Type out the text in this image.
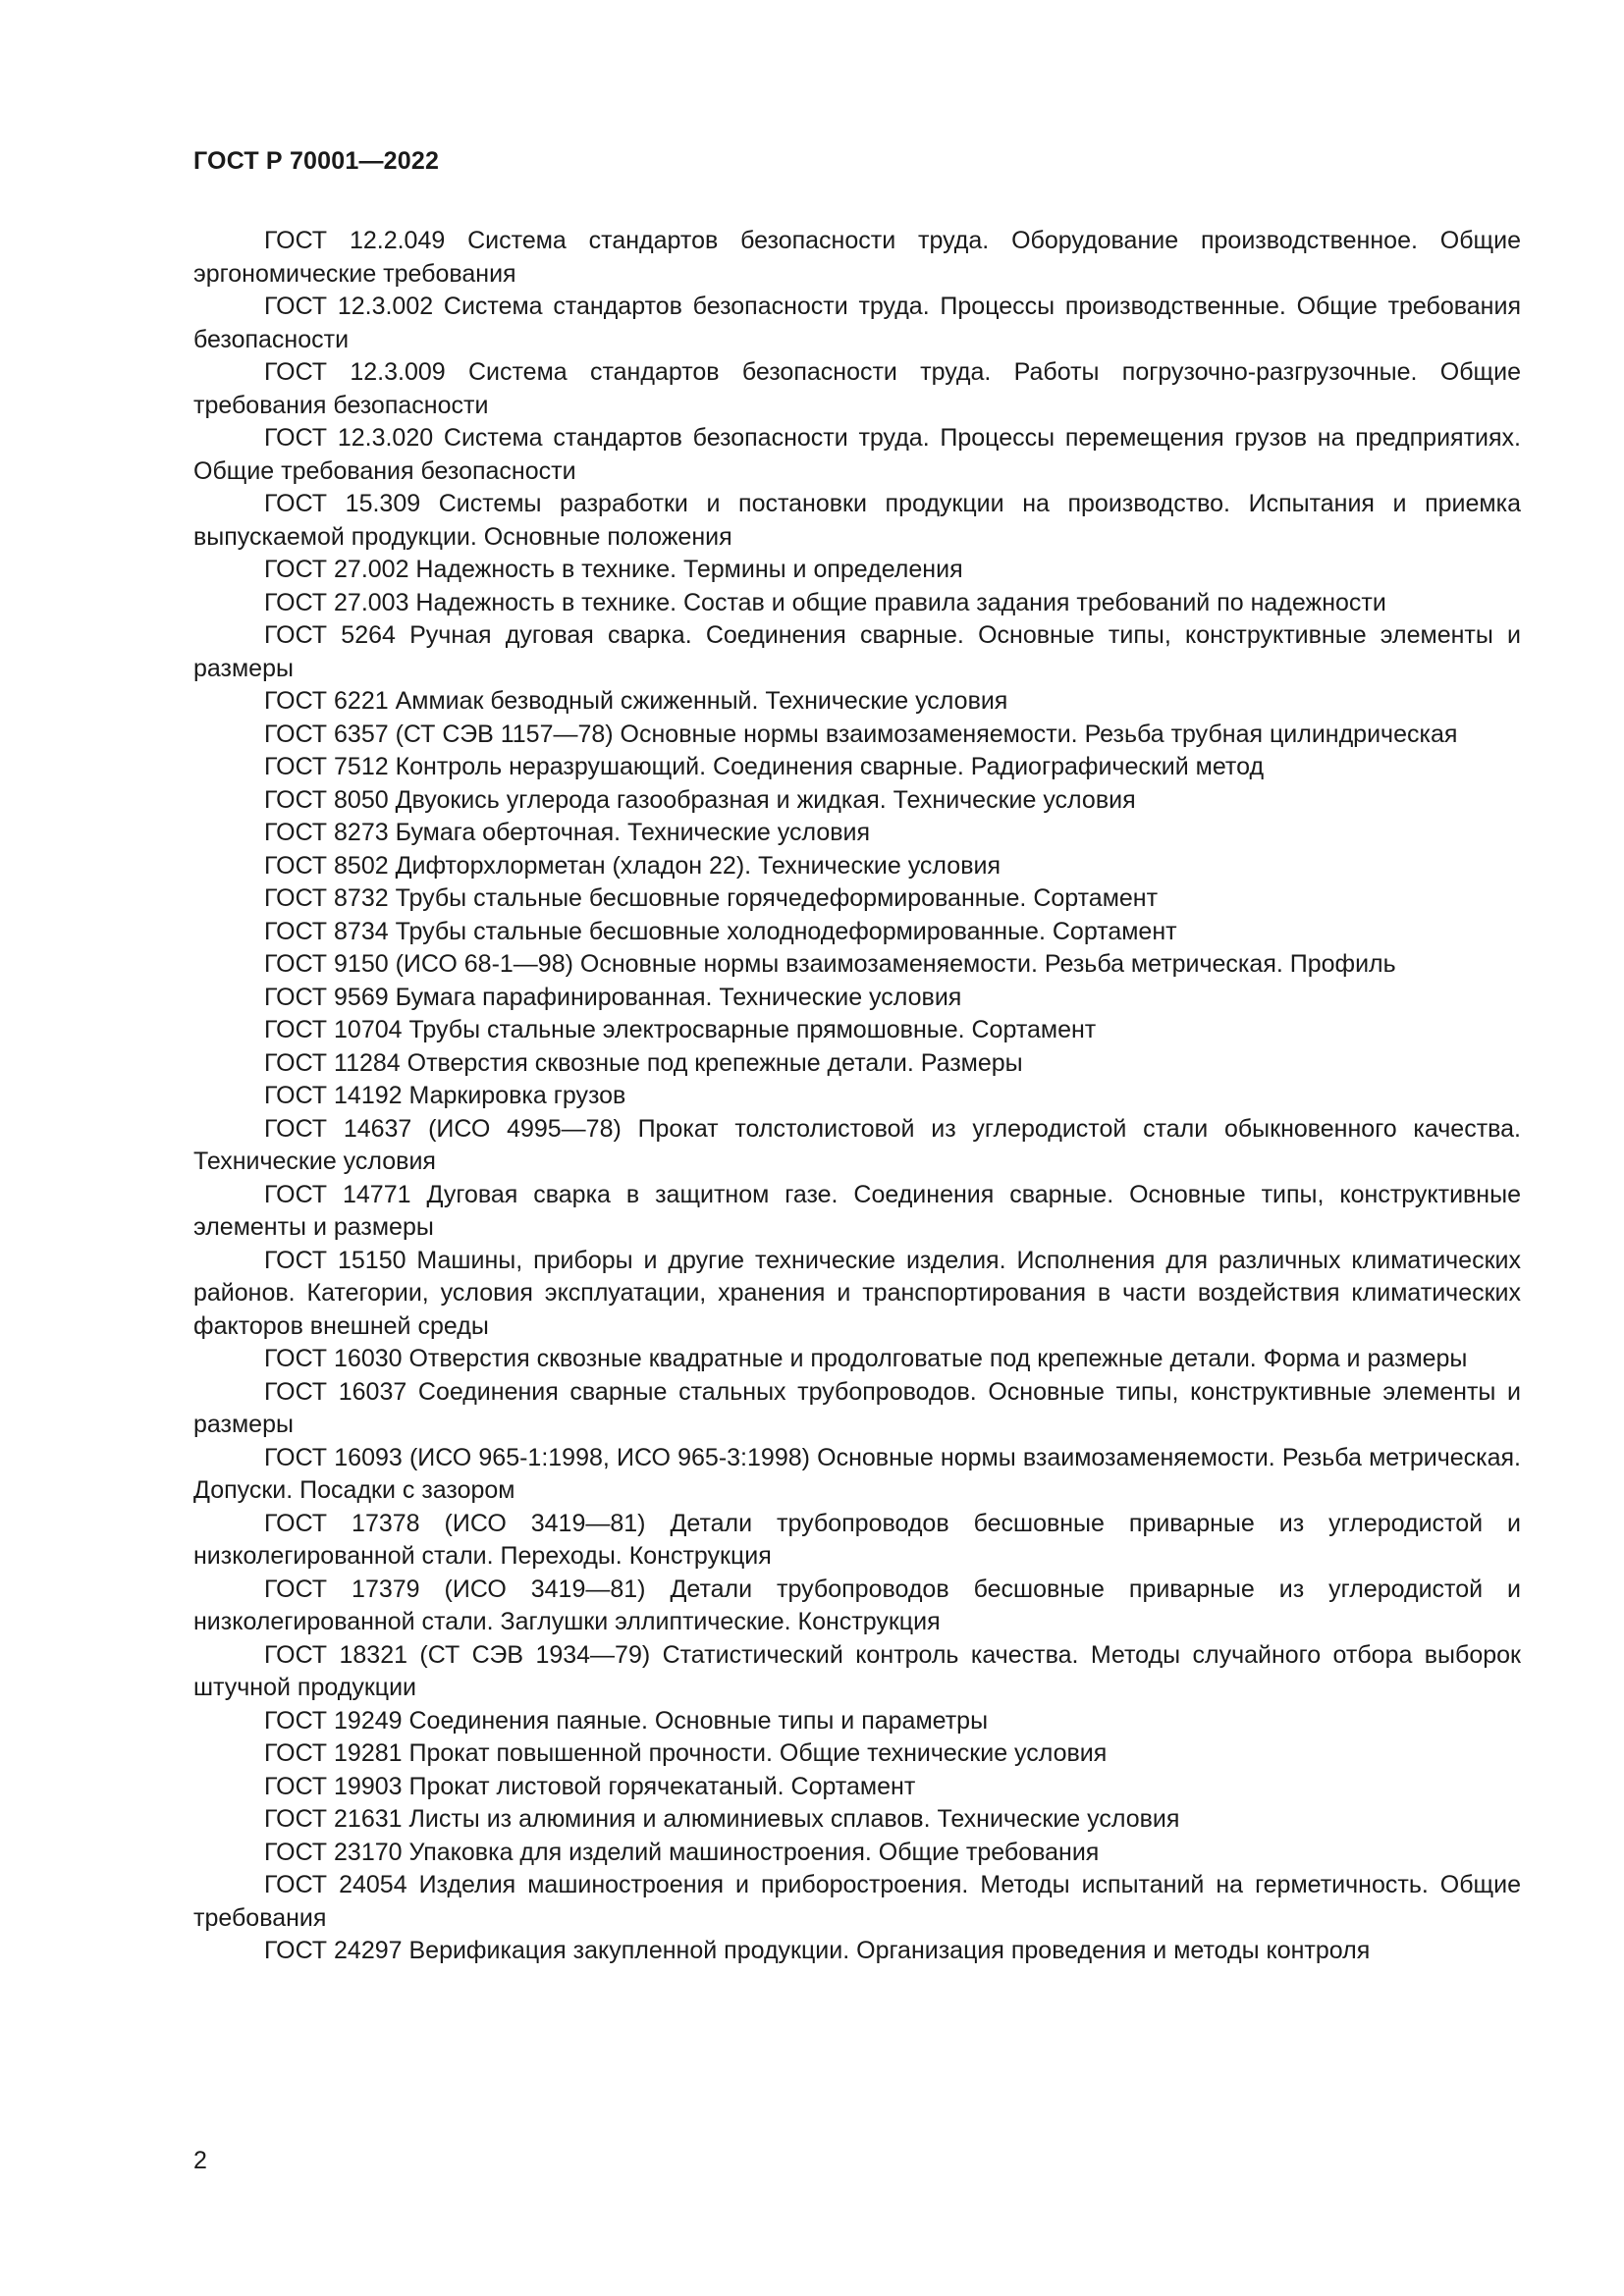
ГОСТ Р 70001—2022
ГОСТ 12.2.049 Система стандартов безопасности труда. Оборудование производственное. Общие эргономические требования
ГОСТ 12.3.002 Система стандартов безопасности труда. Процессы производственные. Общие требования безопасности
ГОСТ 12.3.009 Система стандартов безопасности труда. Работы погрузочно-разгрузочные. Общие требования безопасности
ГОСТ 12.3.020 Система стандартов безопасности труда. Процессы перемещения грузов на предприятиях. Общие требования безопасности
ГОСТ 15.309 Системы разработки и постановки продукции на производство. Испытания и приемка выпускаемой продукции. Основные положения
ГОСТ 27.002 Надежность в технике. Термины и определения
ГОСТ 27.003 Надежность в технике. Состав и общие правила задания требований по надежности
ГОСТ 5264 Ручная дуговая сварка. Соединения сварные. Основные типы, конструктивные элементы и размеры
ГОСТ 6221 Аммиак безводный сжиженный. Технические условия
ГОСТ 6357 (СТ СЭВ 1157—78) Основные нормы взаимозаменяемости. Резьба трубная цилиндрическая
ГОСТ 7512 Контроль неразрушающий. Соединения сварные. Радиографический метод
ГОСТ 8050 Двуокись углерода газообразная и жидкая. Технические условия
ГОСТ 8273 Бумага оберточная. Технические условия
ГОСТ 8502 Дифторхлорметан (хладон 22). Технические условия
ГОСТ 8732 Трубы стальные бесшовные горячедеформированные. Сортамент
ГОСТ 8734 Трубы стальные бесшовные холоднодеформированные. Сортамент
ГОСТ 9150 (ИСО 68-1—98) Основные нормы взаимозаменяемости. Резьба метрическая. Профиль
ГОСТ 9569 Бумага парафинированная. Технические условия
ГОСТ 10704 Трубы стальные электросварные прямошовные. Сортамент
ГОСТ 11284 Отверстия сквозные под крепежные детали. Размеры
ГОСТ 14192 Маркировка грузов
ГОСТ 14637 (ИСО 4995—78) Прокат толстолистовой из углеродистой стали обыкновенного качества. Технические условия
ГОСТ 14771 Дуговая сварка в защитном газе. Соединения сварные. Основные типы, конструктивные элементы и размеры
ГОСТ 15150 Машины, приборы и другие технические изделия. Исполнения для различных климатических районов. Категории, условия эксплуатации, хранения и транспортирования в части воздействия климатических факторов внешней среды
ГОСТ 16030 Отверстия сквозные квадратные и продолговатые под крепежные детали. Форма и размеры
ГОСТ 16037 Соединения сварные стальных трубопроводов. Основные типы, конструктивные элементы и размеры
ГОСТ 16093 (ИСО 965-1:1998, ИСО 965-3:1998) Основные нормы взаимозаменяемости. Резьба метрическая. Допуски. Посадки с зазором
ГОСТ 17378 (ИСО 3419—81) Детали трубопроводов бесшовные приварные из углеродистой и низколегированной стали. Переходы. Конструкция
ГОСТ 17379 (ИСО 3419—81) Детали трубопроводов бесшовные приварные из углеродистой и низколегированной стали. Заглушки эллиптические. Конструкция
ГОСТ 18321 (СТ СЭВ 1934—79) Статистический контроль качества. Методы случайного отбора выборок штучной продукции
ГОСТ 19249 Соединения паяные. Основные типы и параметры
ГОСТ 19281 Прокат повышенной прочности. Общие технические условия
ГОСТ 19903 Прокат листовой горячекатаный. Сортамент
ГОСТ 21631 Листы из алюминия и алюминиевых сплавов. Технические условия
ГОСТ 23170 Упаковка для изделий машиностроения. Общие требования
ГОСТ 24054 Изделия машиностроения и приборостроения. Методы испытаний на герметичность. Общие требования
ГОСТ 24297 Верификация закупленной продукции. Организация проведения и методы контроля
2
